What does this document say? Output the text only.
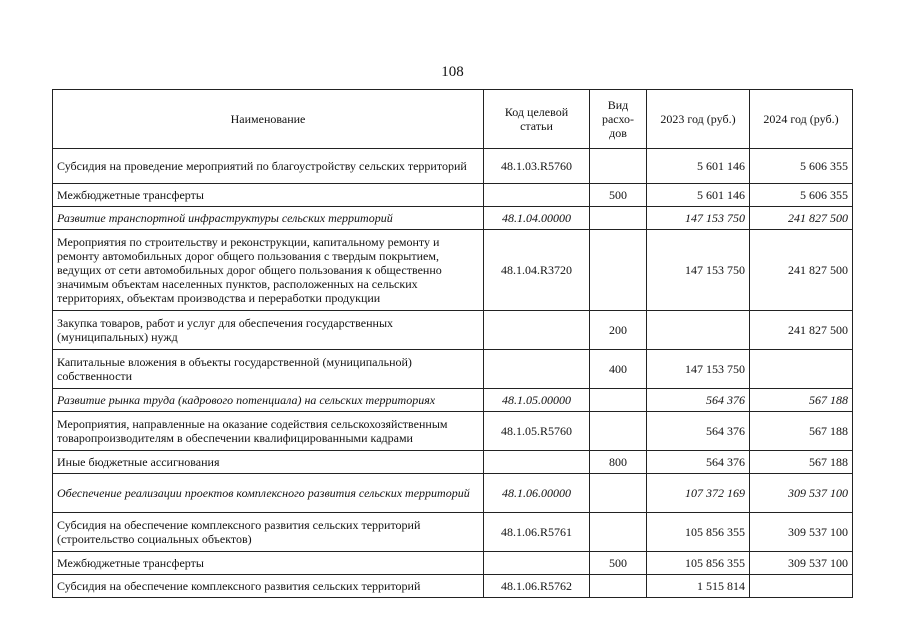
108
Наименование	Код целевой статьи	Вид расхо-дов	2023 год (руб.)	2024 год (руб.)
Субсидия на проведение мероприятий по благоустройству сельских территорий	48.1.03.R5760		5 601 146	5 606 355
Межбюджетные трансферты		500	5 601 146	5 606 355
Развитие транспортной инфраструктуры сельских территорий	48.1.04.00000		147 153 750	241 827 500
Мероприятия по строительству и реконструкции, капитальному ремонту и ремонту автомобильных дорог общего пользования с твердым покрытием, ведущих от сети автомобильных дорог общего пользования к общественно значимым объектам населенных пунктов, расположенных на сельских территориях, объектам производства и переработки продукции	48.1.04.R3720		147 153 750	241 827 500
Закупка товаров, работ и услуг для обеспечения государственных (муниципальных) нужд		200		241 827 500
Капитальные вложения в объекты государственной (муниципальной) собственности		400	147 153 750	
Развитие рынка труда (кадрового потенциала) на сельских территориях	48.1.05.00000		564 376	567 188
Мероприятия, направленные на оказание содействия сельскохозяйственным товаропроизводителям в обеспечении квалифицированными кадрами	48.1.05.R5760		564 376	567 188
Иные бюджетные ассигнования		800	564 376	567 188
Обеспечение реализации проектов комплексного развития сельских территорий	48.1.06.00000		107 372 169	309 537 100
Субсидия на обеспечение комплексного развития сельских территорий (строительство социальных объектов)	48.1.06.R5761		105 856 355	309 537 100
Межбюджетные трансферты		500	105 856 355	309 537 100
Субсидия на обеспечение комплексного развития сельских территорий	48.1.06.R5762		1 515 814	
